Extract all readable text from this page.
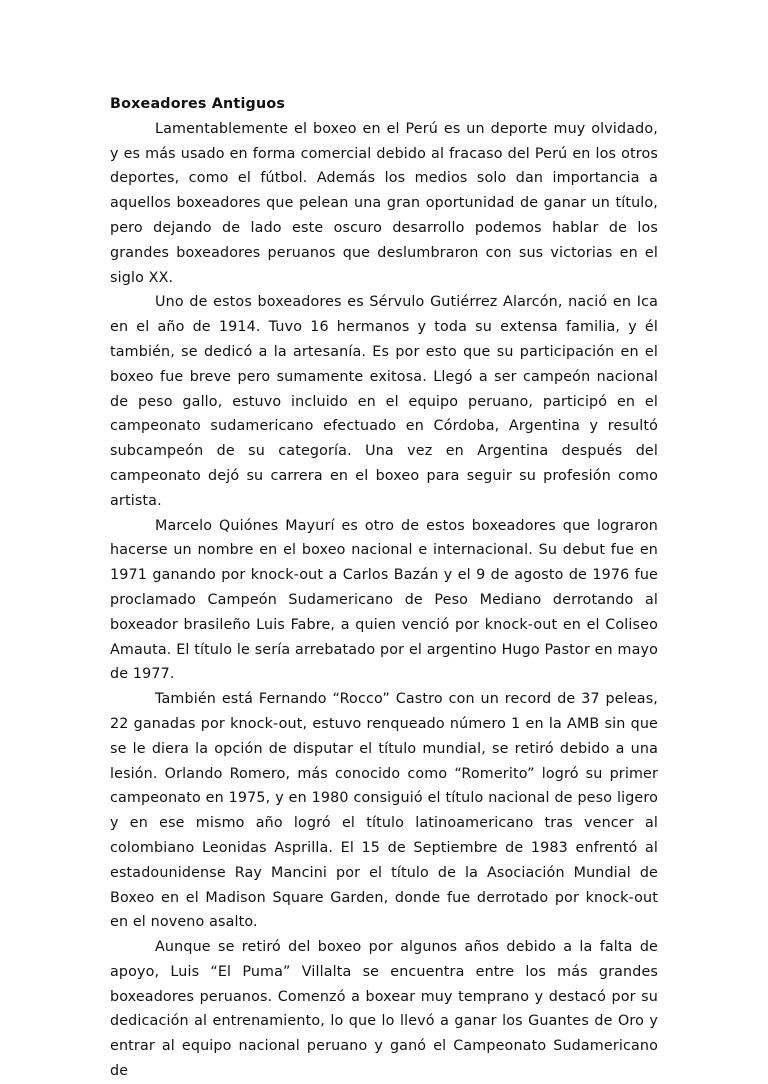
Boxeadores Antiguos

Lamentablemente el boxeo en el Perú es un deporte muy olvidado, y es más usado en forma comercial debido al fracaso del Perú en los otros deportes, como el fútbol. Además los medios solo dan importancia a aquellos boxeadores que pelean una gran oportunidad de ganar un título, pero dejando de lado este oscuro desarrollo podemos hablar de los grandes boxeadores peruanos que deslumbraron con sus victorias en el siglo XX.

Uno de estos boxeadores es Sérvulo Gutiérrez Alarcón, nació en Ica en el año de 1914. Tuvo 16 hermanos y toda su extensa familia, y él también, se dedicó a la artesanía. Es por esto que su participación en el boxeo fue breve pero sumamente exitosa. Llegó a ser campeón nacional de peso gallo, estuvo incluido en el equipo peruano, participó en el campeonato sudamericano efectuado en Córdoba, Argentina y resultó subcampeón de su categoría. Una vez en Argentina después del campeonato dejó su carrera en el boxeo para seguir su profesión como artista.

Marcelo Quiónes Mayurí es otro de estos boxeadores que lograron hacerse un nombre en el boxeo nacional e internacional. Su debut fue en 1971 ganando por knock-out a Carlos Bazán y el 9 de agosto de 1976 fue proclamado Campeón Sudamericano de Peso Mediano derrotando al boxeador brasileño Luis Fabre, a quien venció por knock-out en el Coliseo Amauta. El título le sería arrebatado por el argentino Hugo Pastor en mayo de 1977.

También está Fernando “Rocco” Castro con un record de 37 peleas, 22 ganadas por knock-out, estuvo renqueado número 1 en la AMB sin que se le diera la opción de disputar el título mundial, se retiró debido a una lesión. Orlando Romero, más conocido como “Romerito” logró su primer campeonato en 1975, y en 1980 consiguió el título nacional de peso ligero y en ese mismo año logró el título latinoamericano tras vencer al colombiano Leonidas Asprilla. El 15 de Septiembre de 1983 enfrentó al estadounidense Ray Mancini por el título de la Asociación Mundial de Boxeo en el Madison Square Garden, donde fue derrotado por knock-out en el noveno asalto.

Aunque se retiró del boxeo por algunos años debido a la falta de apoyo, Luis “El Puma” Villalta se encuentra entre los más grandes boxeadores peruanos. Comenzó a boxear muy temprano y destacó por su dedicación al entrenamiento, lo que lo llevó a ganar los Guantes de Oro y entrar al equipo nacional peruano y ganó el Campeonato Sudamericano de
